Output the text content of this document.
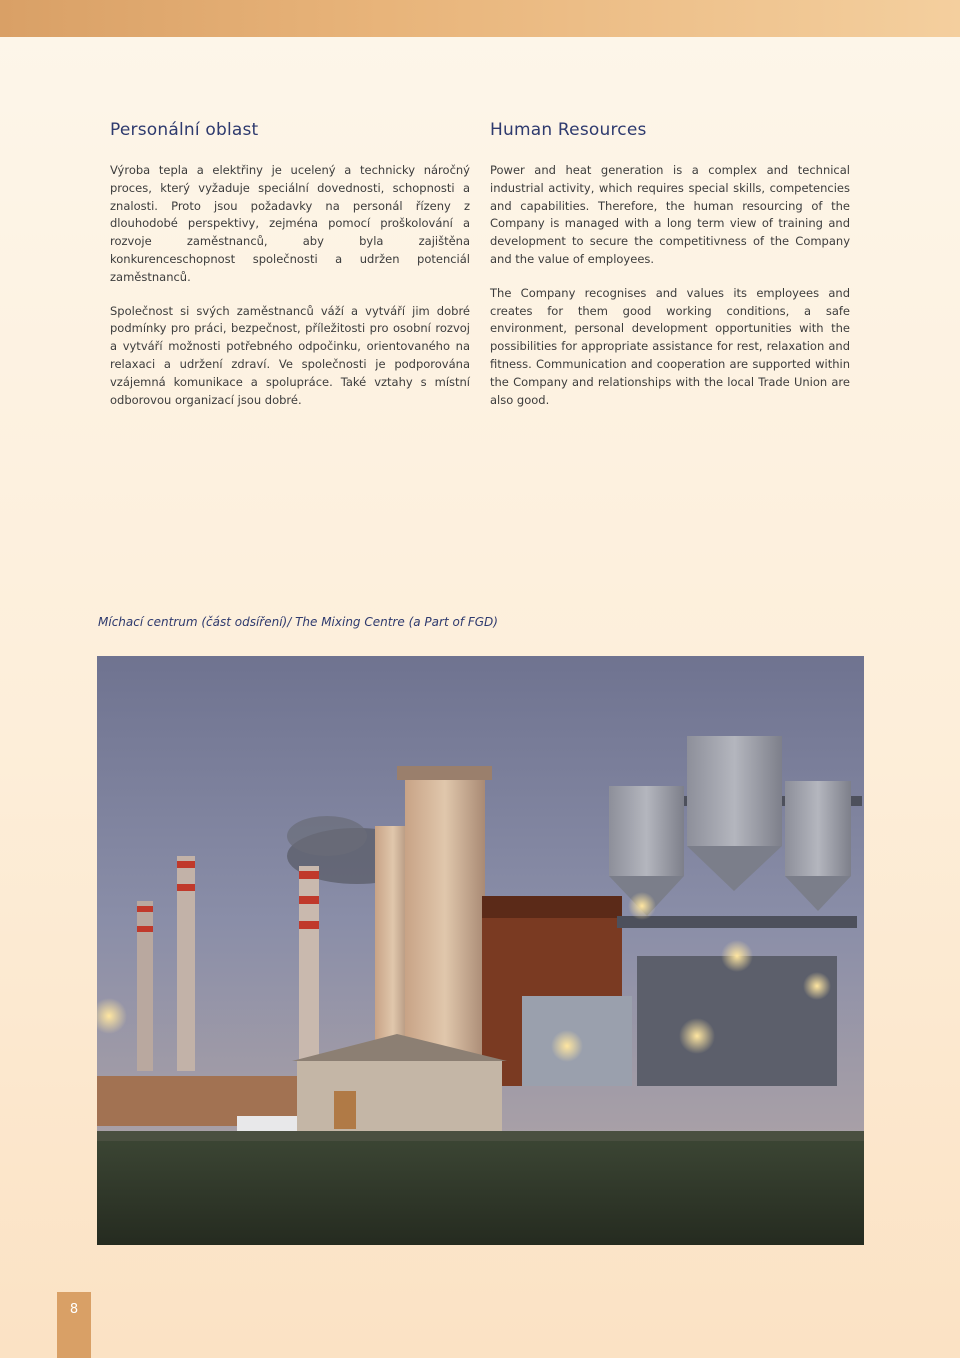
Personální oblast

Výroba tepla a elektřiny je ucelený a technicky náročný proces, který vyžaduje speciální dovednosti, schopnosti a znalosti. Proto jsou požadavky na personál řízeny z dlouhodobé perspektivy, zejména pomocí proškolování a rozvoje zaměstnanců, aby byla zajištěna konkurenceschopnost společnosti a udržen potenciál zaměstnanců.

Společnost si svých zaměstnanců váží a vytváří jim dobré podmínky pro práci, bezpečnost, příležitosti pro osobní rozvoj a vytváří možnosti potřebného odpočinku, orientovaného na relaxaci a udržení zdraví. Ve společnosti je podporována vzájemná komunikace a spolupráce. Také vztahy s místní odborovou organizací jsou dobré.

Human Resources

Power and heat generation is a complex and technical industrial activity, which requires special skills, competencies and capabilities. Therefore, the human resourcing of the Company is managed with a long term view of training and development to secure the competitivness of the Company and the value of employees.

The Company recognises and values its employees and creates for them good working conditions, a safe environment, personal development opportunities with the possibilities for appropriate assistance for rest, relaxation and fitness. Communication and cooperation are supported within the Company and relationships with the local Trade Union are also good.

Míchací centrum (část odsíření)/ The Mixing Centre (a Part of FGD)

8
